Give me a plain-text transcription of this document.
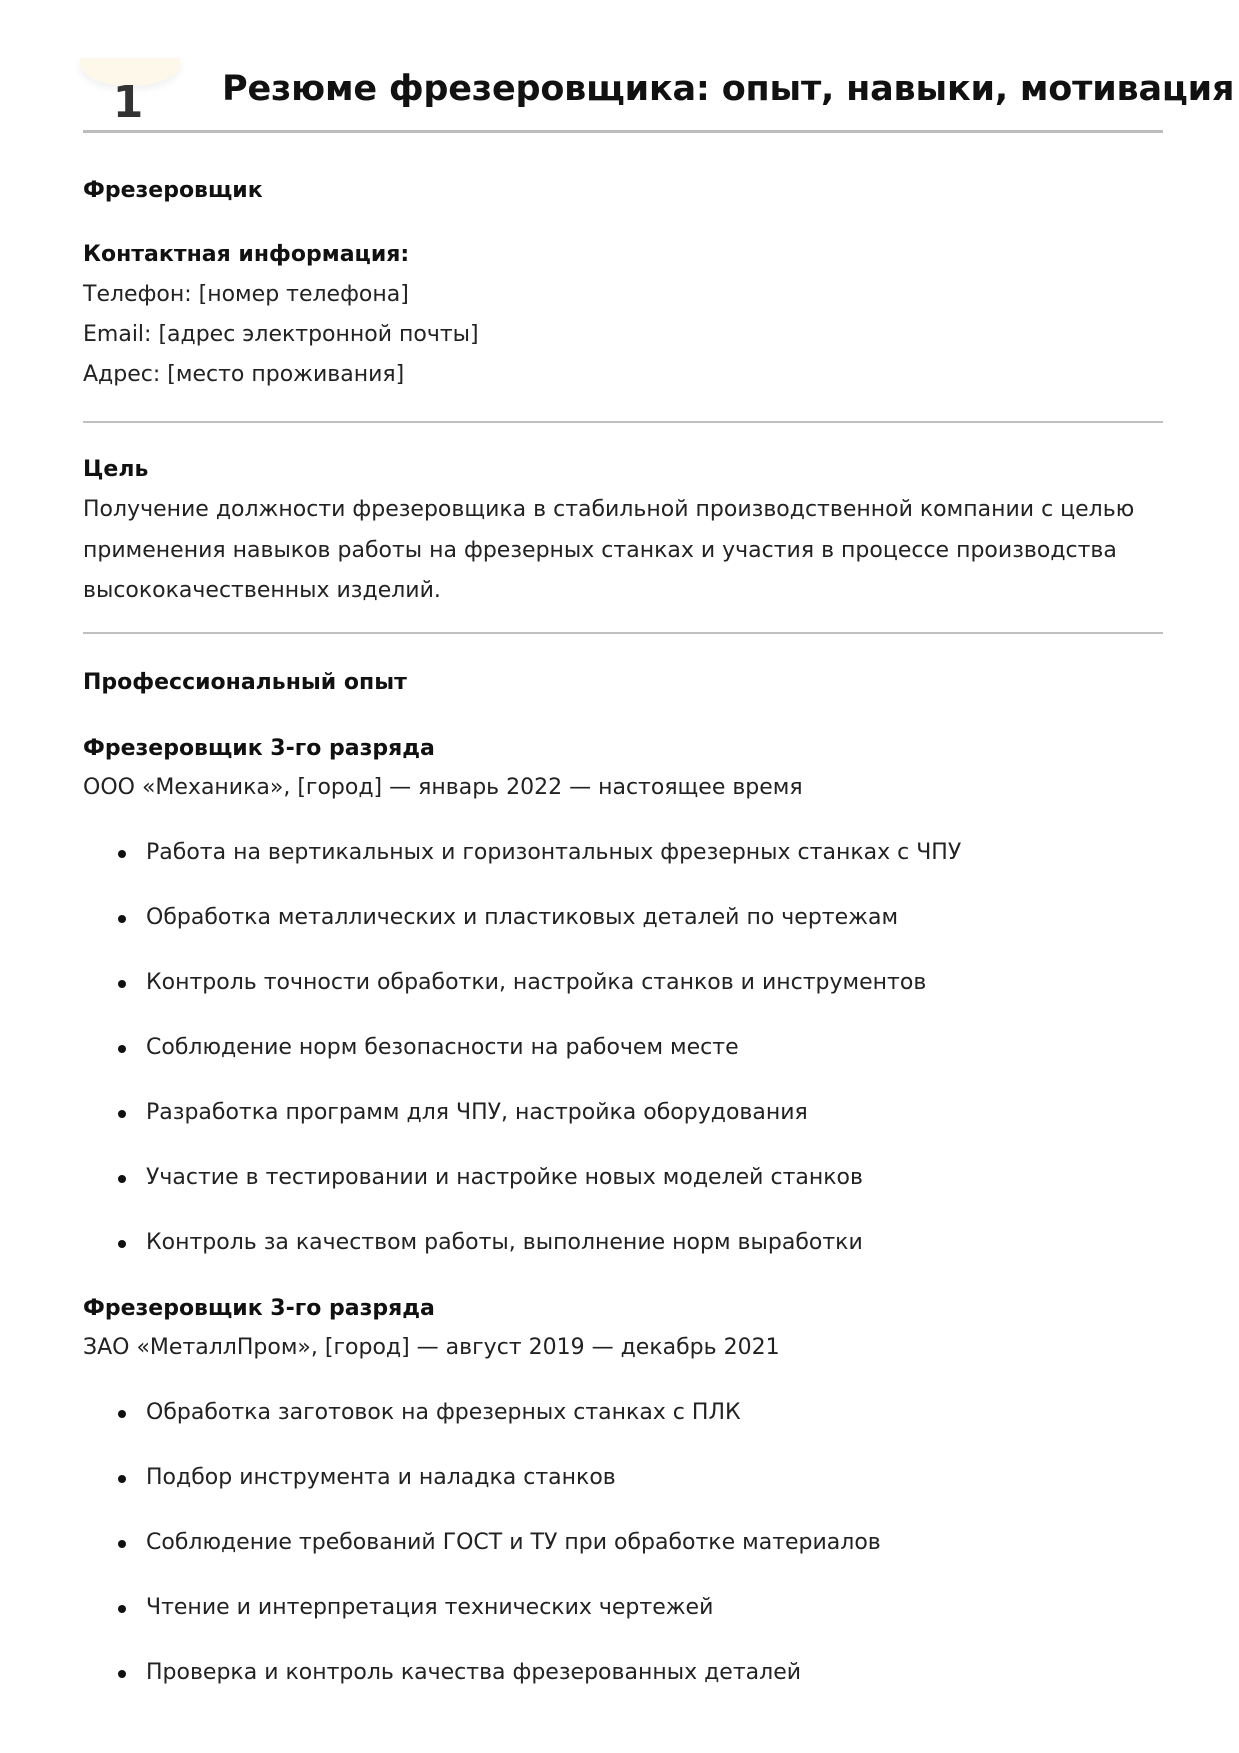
1 Резюме фрезеровщика: опыт, навыки, мотивация
Фрезеровщик
Контактная информация:
Телефон: [номер телефона]
Email: [адрес электронной почты]
Адрес: [место проживания]
Цель
Получение должности фрезеровщика в стабильной производственной компании с целью
применения навыков работы на фрезерных станках и участия в процессе производства
высококачественных изделий.
Профессиональный опыт
Фрезеровщик 3-го разряда
ООО «Механика», [город] — январь 2022 — настоящее время
Работа на вертикальных и горизонтальных фрезерных станках с ЧПУ
Обработка металлических и пластиковых деталей по чертежам
Контроль точности обработки, настройка станков и инструментов
Соблюдение норм безопасности на рабочем месте
Разработка программ для ЧПУ, настройка оборудования
Участие в тестировании и настройке новых моделей станков
Контроль за качеством работы, выполнение норм выработки
Фрезеровщик 3-го разряда
ЗАО «МеталлПром», [город] — август 2019 — декабрь 2021
Обработка заготовок на фрезерных станках с ПЛК
Подбор инструмента и наладка станков
Соблюдение требований ГОСТ и ТУ при обработке материалов
Чтение и интерпретация технических чертежей
Проверка и контроль качества фрезерованных деталей
